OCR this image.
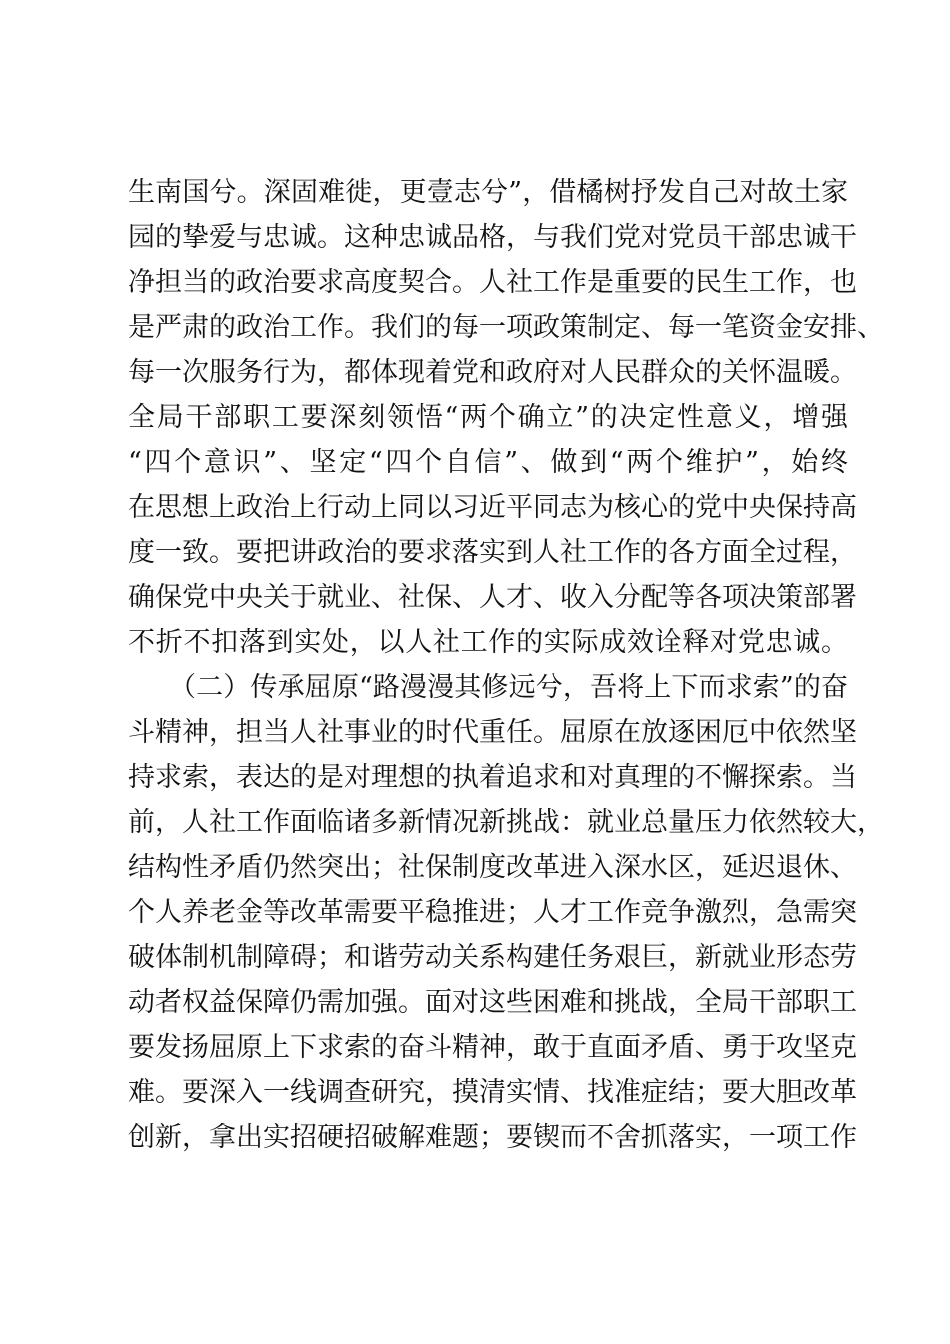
生南国兮。深固难徙，更壹志兮”，借橘树抒发自己对故土家
园的挚爱与忠诚。这种忠诚品格，与我们党对党员干部忠诚干
净担当的政治要求高度契合。人社工作是重要的民生工作，也
是严肃的政治工作。我们的每一项政策制定、每一笔资金安排、
每一次服务行为，都体现着党和政府对人民群众的关怀温暖。
全局干部职工要深刻领悟“两个确立”的决定性意义，增强
“四个意识”、坚定“四个自信”、做到“两个维护”，始终
在思想上政治上行动上同以习近平同志为核心的党中央保持高
度一致。要把讲政治的要求落实到人社工作的各方面全过程，
确保党中央关于就业、社保、人才、收入分配等各项决策部署
不折不扣落到实处，以人社工作的实际成效诠释对党忠诚。
（二）传承屈原“路漫漫其修远兮，吾将上下而求索”的奋
斗精神，担当人社事业的时代重任。屈原在放逐困厄中依然坚
持求索，表达的是对理想的执着追求和对真理的不懈探索。当
前，人社工作面临诸多新情况新挑战：就业总量压力依然较大，
结构性矛盾仍然突出；社保制度改革进入深水区，延迟退休、
个人养老金等改革需要平稳推进；人才工作竞争激烈，急需突
破体制机制障碍；和谐劳动关系构建任务艰巨，新就业形态劳
动者权益保障仍需加强。面对这些困难和挑战，全局干部职工
要发扬屈原上下求索的奋斗精神，敢于直面矛盾、勇于攻坚克
难。要深入一线调查研究，摸清实情、找准症结；要大胆改革
创新，拿出实招硬招破解难题；要锲而不舍抓落实，一项工作
